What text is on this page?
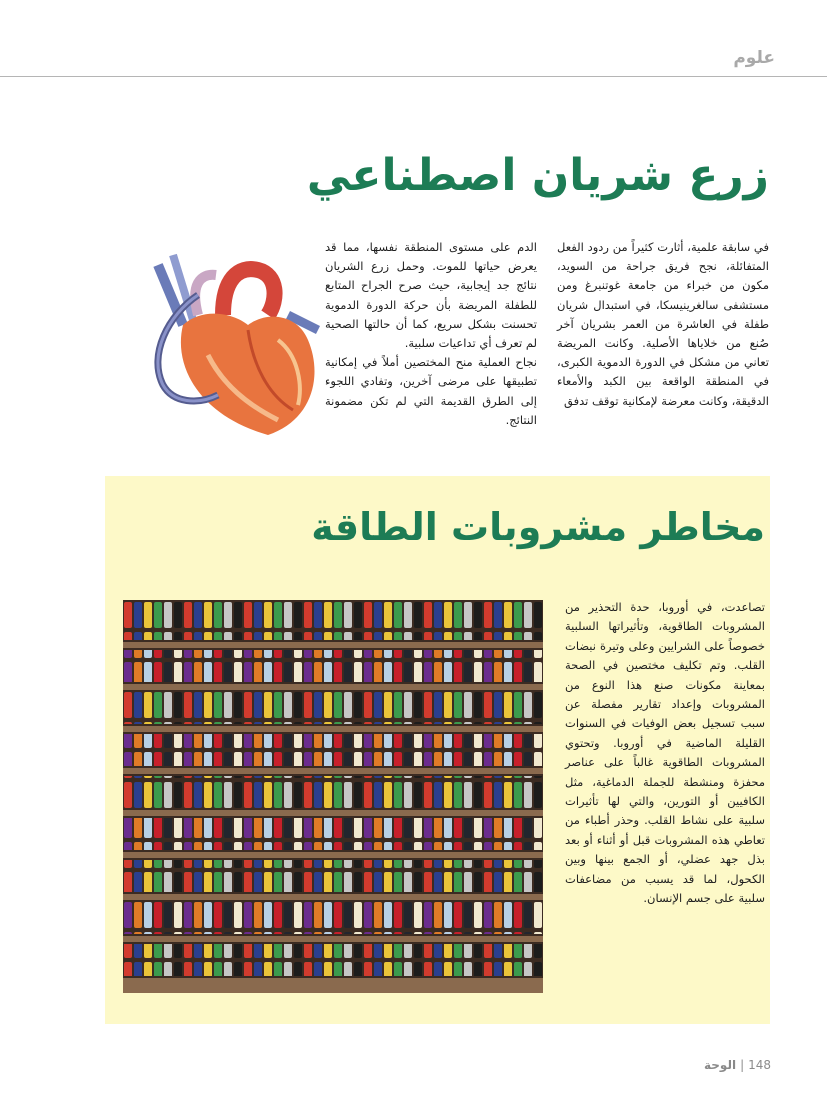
علوم
زرع شريان اصطناعي

في سابقة علمية، أثارت كثيراً من ردود الفعل المتفائلة، نجح فريق جراحة من السويد، مكون من خبراء من جامعة غوتنبرغ ومن مستشفى سالغرينيسكا، في استبدال شريان طفلة في العاشرة من العمر بشريان آخر صُنع من خلاياها الأصلية. وكانت المريضة تعاني من مشكل في الدورة الدموية الكبرى، في المنطقة الواقعة بين الكبد والأمعاء الدقيقة، وكانت معرضة لإمكانية توقف تدفق

الدم على مستوى المنطقة نفسها، مما قد يعرض حياتها للموت. وحمل زرع الشريان نتائج جد إيجابية، حيث صرح الجراح المتابع للطفلة المريضة بأن حركة الدورة الدموية تحسنت بشكل سريع، كما أن حالتها الصحية لم تعرف أي تداعيات سلبية.

نجاح العملية منح المختصين أملاً في إمكانية تطبيقها على مرضى آخرين، وتفادي اللجوء إلى الطرق القديمة التي لم تكن مضمونة النتائج.

مخاطر مشروبات الطاقة

تصاعدت، في أوروبا، حدة التحذير من المشروبات الطاقوية، وتأثيراتها السلبية خصوصاً على الشرايين وعلى وتيرة نبضات القلب. وتم تكليف مختصين في الصحة بمعاينة مكونات صنع هذا النوع من المشروبات وإعداد تقارير مفصلة عن سبب تسجيل بعض الوفيات في السنوات القليلة الماضية في أوروبا. وتحتوي المشروبات الطاقوية غالباً على عناصر محفزة ومنشطة للجملة الدماغية، مثل الكافيين أو التورين، والتي لها تأثيرات سلبية على نشاط القلب. وحذر أطباء من تعاطي هذه المشروبات قبل أو أثناء أو بعد بذل جهد عضلي، أو الجمع بينها وبين الكحول، لما قد يسبب من مضاعفات سلبية على جسم الإنسان.

الوحة | 148
